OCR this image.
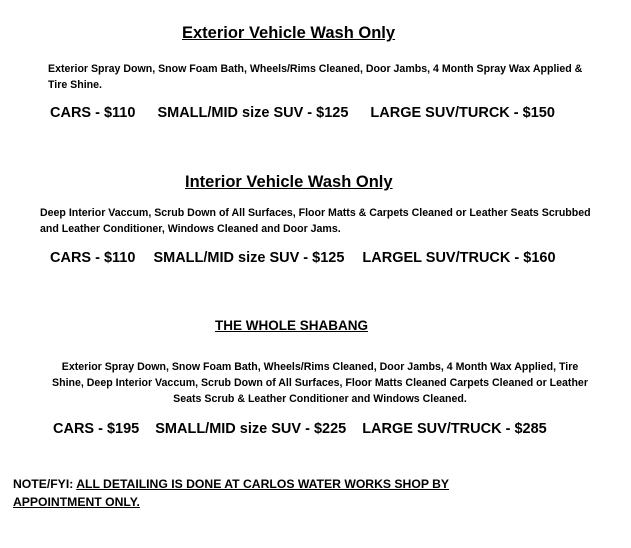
Exterior Vehicle Wash Only
Exterior Spray Down, Snow Foam Bath, Wheels/Rims Cleaned, Door Jambs, 4 Month Spray Wax Applied & Tire Shine.
CARS - $110 SMALL/MID size SUV - $125 LARGE SUV/TURCK - $150
Interior Vehicle Wash Only
Deep Interior Vaccum, Scrub Down of All Surfaces, Floor Matts & Carpets Cleaned or Leather Seats Scrubbed and Leather Conditioner, Windows Cleaned and Door Jams.
CARS - $110 SMALL/MID size SUV - $125 LARGEL SUV/TRUCK - $160
THE WHOLE SHABANG
Exterior Spray Down, Snow Foam Bath, Wheels/Rims Cleaned, Door Jambs, 4 Month Wax Applied, Tire Shine, Deep Interior Vaccum, Scrub Down of All Surfaces, Floor Matts Cleaned Carpets Cleaned or Leather Seats Scrub & Leather Conditioner and Windows Cleaned.
CARS - $195 SMALL/MID size SUV - $225 LARGE SUV/TRUCK - $285
NOTE/FYI: ALL DETAILING IS DONE AT CARLOS WATER WORKS SHOP BY APPOINTMENT ONLY.
